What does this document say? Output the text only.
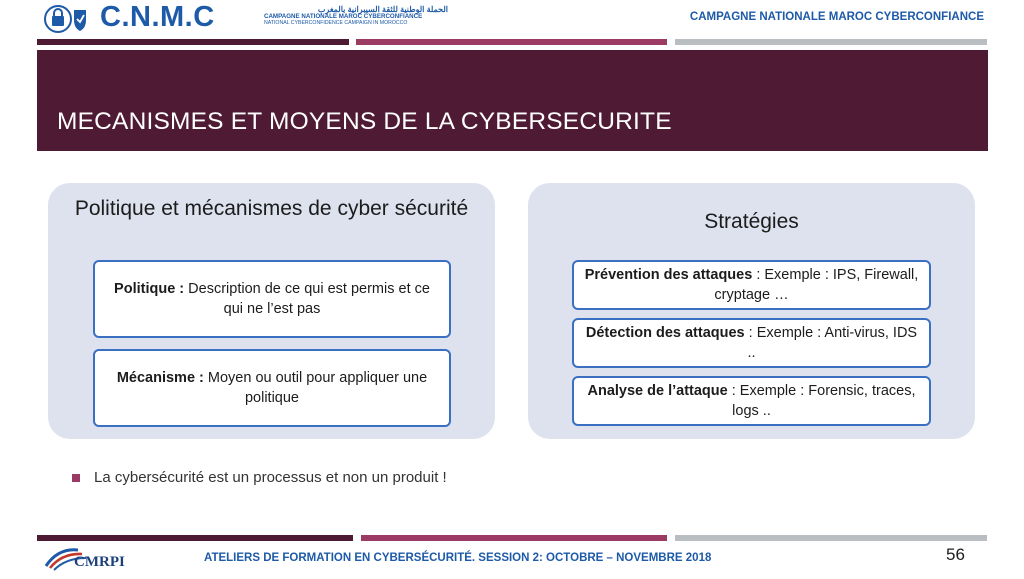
C.N.M.C	الحملة الوطنية للثقة السيبرانية بالمغرب
CAMPAGNE NATIONALE MAROC CYBERCONFIANCE
NATIONAL CYBERCONFIDENCE CAMPAIGN IN MOROCCO	CAMPAGNE NATIONALE MAROC CYBERCONFIANCE
MECANISMES ET MOYENS DE LA CYBERSECURITE
Politique et mécanismes de cyber sécurité
Politique : Description de ce qui est permis et ce qui ne l’est pas
Mécanisme : Moyen ou outil pour appliquer une politique
Stratégies
Prévention des attaques : Exemple : IPS, Firewall, cryptage …
Détection des attaques : Exemple : Anti-virus, IDS ..
Analyse de l’attaque : Exemple : Forensic, traces, logs ..
La cybersécurité est un processus et non un produit !
CMRPI	ATELIERS DE FORMATION EN CYBERSÉCURITÉ. SESSION 2: OCTOBRE – NOVEMBRE 2018	56
